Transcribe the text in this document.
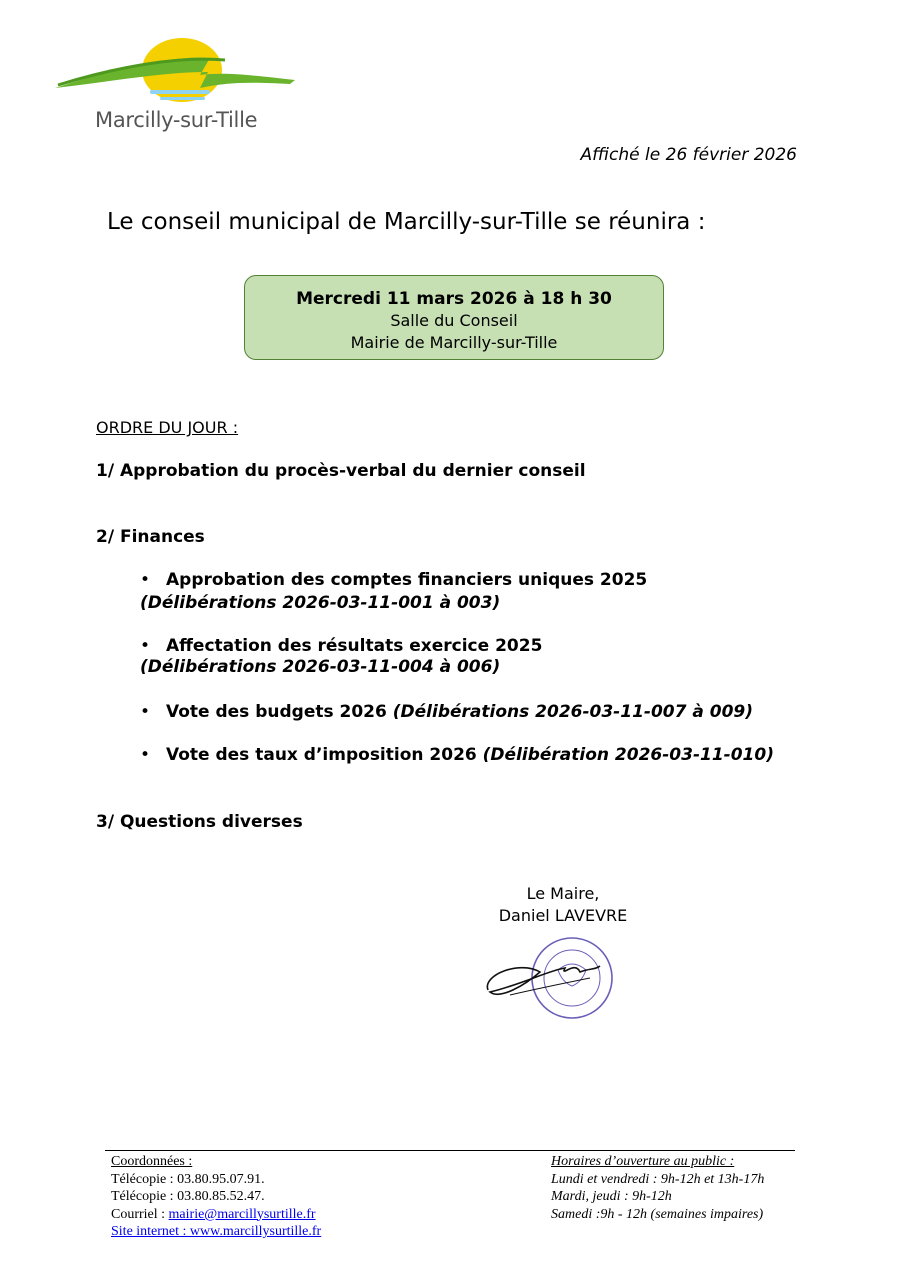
Marcilly-sur-Tille
Affiché le 26 février 2026
Le conseil municipal de Marcilly-sur-Tille se réunira :
Mercredi 11 mars 2026 à 18 h 30
Salle du Conseil
Mairie de Marcilly-sur-Tille
ORDRE DU JOUR :
1/ Approbation du procès-verbal du dernier conseil
2/ Finances
• Approbation des comptes financiers uniques 2025
(Délibérations 2026-03-11-001 à 003)
• Affectation des résultats exercice 2025
(Délibérations 2026-03-11-004 à 006)
• Vote des budgets 2026 (Délibérations 2026-03-11-007 à 009)
• Vote des taux d’imposition 2026 (Délibération 2026-03-11-010)
3/ Questions diverses
Le Maire,
Daniel LAVEVRE
Coordonnées :
Télécopie : 03.80.95.07.91.
Télécopie : 03.80.85.52.47.
Courriel : mairie@marcillysurtille.fr
Site internet : www.marcillysurtille.fr
Horaires d’ouverture au public :
Lundi et vendredi : 9h-12h et 13h-17h
Mardi, jeudi : 9h-12h
Samedi :9h - 12h (semaines impaires)
